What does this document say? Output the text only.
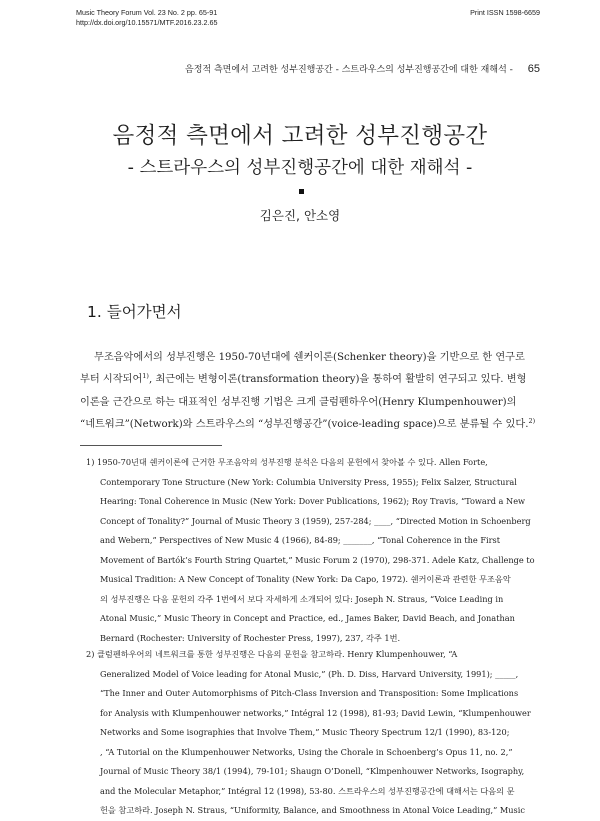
Music Theory Forum Vol. 23 No. 2 pp. 65-91
http://dx.doi.org/10.15571/MTF.2016.23.2.65
Print ISSN 1598-6659
음정적 측면에서 고려한 성부진행공간 - 스트라우스의 성부진행공간에 대한 재해석 - 65
음정적 측면에서 고려한 성부진행공간
- 스트라우스의 성부진행공간에 대한 재해석 -
김은진, 안소영
1. 들어가면서
무조음악에서의 성부진행은 1950-70년대에 쉔커이론(Schenker theory)을 기반으로 한 연구로
부터 시작되어$^{1)}$, 최근에는 변형이론(transformation theory)을 통하여 활발히 연구되고 있다. 변형
이론을 근간으로 하는 대표적인 성부진행 기법은 크게 클럼펜하우어(Henry Klumpenhouwer)의
“네트워크”(Network)와 스트라우스의 “성부진행공간”(voice-leading space)으로 분류될 수 있다.$^{2)}$
1) 1950-70년대 쉔커이론에 근거한 무조음악의 성부진행 분석은 다음의 문헌에서 찾아볼 수 있다. Allen Forte,
Contemporary Tone Structure (New York: Columbia University Press, 1955); Felix Salzer, Structural
Hearing: Tonal Coherence in Music (New York: Dover Publications, 1962); Roy Travis, “Toward a New
Concept of Tonality?” Journal of Music Theory 3 (1959), 257-284; ____, “Directed Motion in Schoenberg
and Webern,” Perspectives of New Music 4 (1966), 84-89; _______, “Tonal Coherence in the First
Movement of Bartók’s Fourth String Quartet,” Music Forum 2 (1970), 298-371. Adele Katz, Challenge to
Musical Tradition: A New Concept of Tonality (New York: Da Capo, 1972). 쉔커이론과 관련한 무조음악
의 성부진행은 다음 문헌의 각주 1번에서 보다 자세하게 소개되어 있다: Joseph N. Straus, “Voice Leading in
Atonal Music,” Music Theory in Concept and Practice, ed., James Baker, David Beach, and Jonathan
Bernard (Rochester: University of Rochester Press, 1997), 237, 각주 1번.
2) 클럼펜하우어의 네트워크를 통한 성부진행은 다음의 문헌을 참고하라. Henry Klumpenhouwer, “A
Generalized Model of Voice leading for Atonal Music,” (Ph. D. Diss, Harvard University, 1991); _____,
“The Inner and Outer Automorphisms of Pitch-Class Inversion and Transposition: Some Implications
for Analysis with Klumpenhouwer networks,” Intégral 12 (1998), 81-93; David Lewin, “Klumpenhouwer
Networks and Some isographies that Involve Them,” Music Theory Spectrum 12/1 (1990), 83-120;
, “A Tutorial on the Klumpenhouwer Networks, Using the Chorale in Schoenberg’s Opus 11, no. 2,”
Journal of Music Theory 38/1 (1994), 79-101; Shaugn O’Donell, “Klmpenhouwer Networks, Isography,
and the Molecular Metaphor,” Intégral 12 (1998), 53-80. 스트라우스의 성부진행공간에 대해서는 다음의 문
헌을 참고하라. Joseph N. Straus, “Uniformity, Balance, and Smoothness in Atonal Voice Leading,” Music
